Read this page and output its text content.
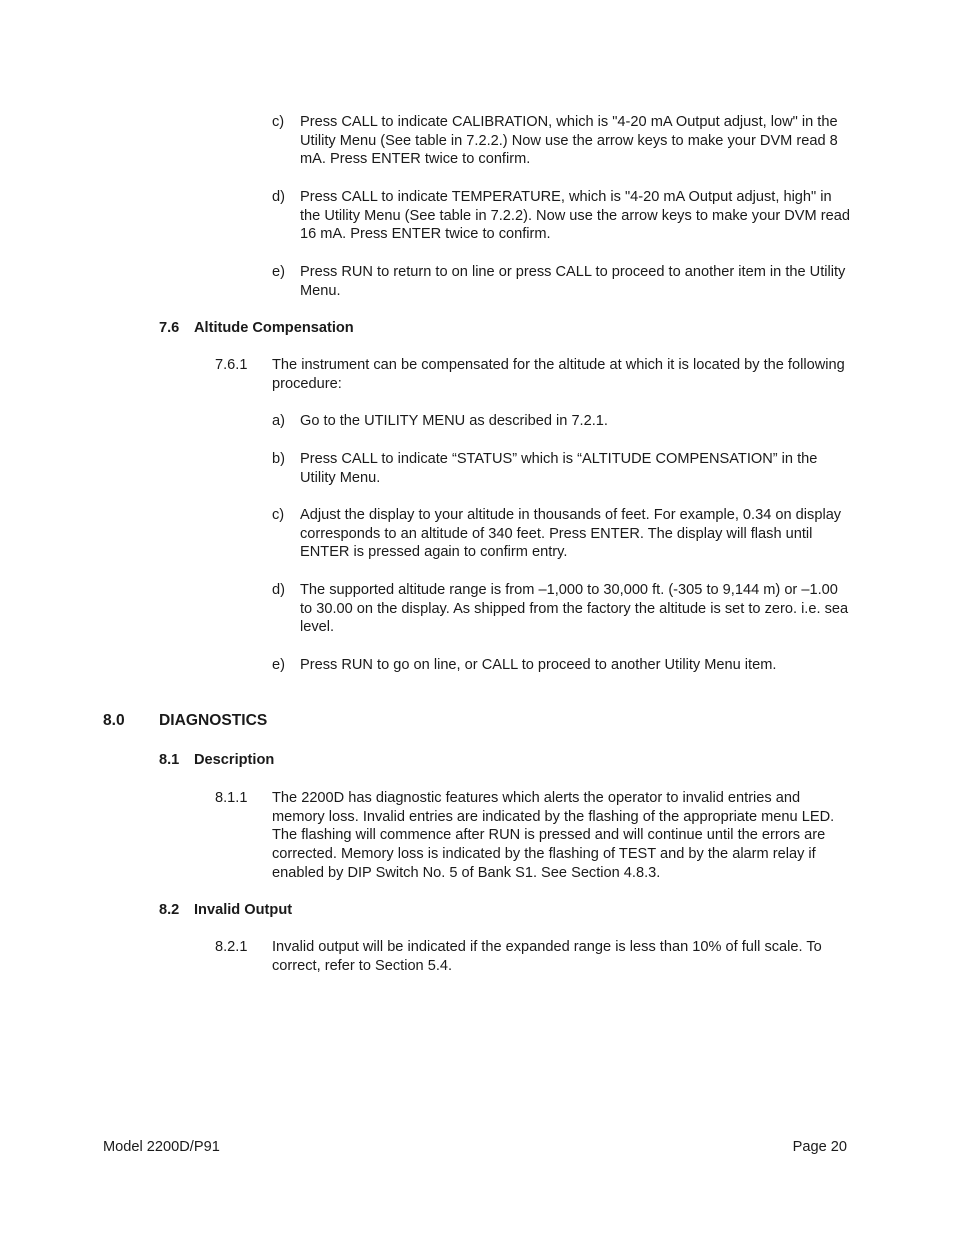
c) Press CALL to indicate CALIBRATION, which is "4-20 mA Output adjust, low" in the Utility Menu (See table in 7.2.2.) Now use the arrow keys to make your DVM read 8 mA. Press ENTER twice to confirm.
d) Press CALL to indicate TEMPERATURE, which is "4-20 mA Output adjust, high" in the Utility Menu (See table in 7.2.2). Now use the arrow keys to make your DVM read 16 mA. Press ENTER twice to confirm.
e) Press RUN to return to on line or press CALL to proceed to another item in the Utility Menu.
7.6 Altitude Compensation
7.6.1 The instrument can be compensated for the altitude at which it is located by the following procedure:
a) Go to the UTILITY MENU as described in 7.2.1.
b) Press CALL to indicate “STATUS” which is “ALTITUDE COMPENSATION” in the Utility Menu.
c) Adjust the display to your altitude in thousands of feet. For example, 0.34 on display corresponds to an altitude of 340 feet. Press ENTER. The display will flash until ENTER is pressed again to confirm entry.
d) The supported altitude range is from –1,000 to 30,000 ft. (-305 to 9,144 m) or –1.00 to 30.00 on the display. As shipped from the factory the altitude is set to zero. i.e. sea level.
e) Press RUN to go on line, or CALL to proceed to another Utility Menu item.
8.0 DIAGNOSTICS
8.1 Description
8.1.1 The 2200D has diagnostic features which alerts the operator to invalid entries and memory loss. Invalid entries are indicated by the flashing of the appropriate menu LED. The flashing will commence after RUN is pressed and will continue until the errors are corrected. Memory loss is indicated by the flashing of TEST and by the alarm relay if enabled by DIP Switch No. 5 of Bank S1. See Section 4.8.3.
8.2 Invalid Output
8.2.1 Invalid output will be indicated if the expanded range is less than 10% of full scale. To correct, refer to Section 5.4.
Model 2200D/P91	Page 20
